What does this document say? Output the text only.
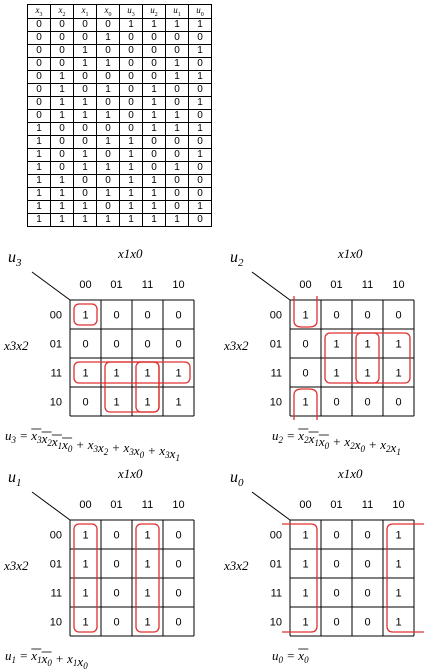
$x_3$	$x_2$	$x_1$	$x_0$	$u_3$	$u_2$	$u_1$	$u_0$
0	0	0	0	1	1	1	1
0	0	0	1	0	0	0	0
0	0	1	0	0	0	0	1
0	0	1	1	0	0	1	0
0	1	0	0	0	0	1	1
0	1	0	1	0	1	0	0
0	1	1	0	0	1	0	1
0	1	1	1	0	1	1	0
1	0	0	0	0	1	1	1
1	0	0	1	1	0	0	0
1	0	1	0	1	0	0	1
1	0	1	1	1	0	1	0
1	1	0	0	1	1	0	0
1	1	0	1	1	1	0	0
1	1	1	0	1	1	0	1
1	1	1	1	1	1	1	0
$u_3$
x1x0
x3x2
00 01 11 10
00
01
11
10
1 0 0 0
0 0 0 0
1 1 1 1
0 1 1 1
$u_3 = x_3x_2x_1x_0 + x_3x_2 + x_3x_0 + x_3x_1$
$u_2$
x1x0
x3x2
00 01 11 10
00
01
11
10
1 0 0 0
0 1 1 1
0 1 1 1
1 0 0 0
$u_2 = x_2x_1x_0 + x_2x_0 + x_2x_1$
$u_1$
x1x0
x3x2
00 01 11 10
00
01
11
10
1 0 1 0
1 0 1 0
1 0 1 0
1 0 1 0
$u_1 = x_1x_0 + x_1x_0$
$u_0$
x1x0
x3x2
00 01 11 10
00
01
11
10
1 0 0 1
1 0 0 1
1 0 0 1
1 0 0 1
$u_0 = x_0$
